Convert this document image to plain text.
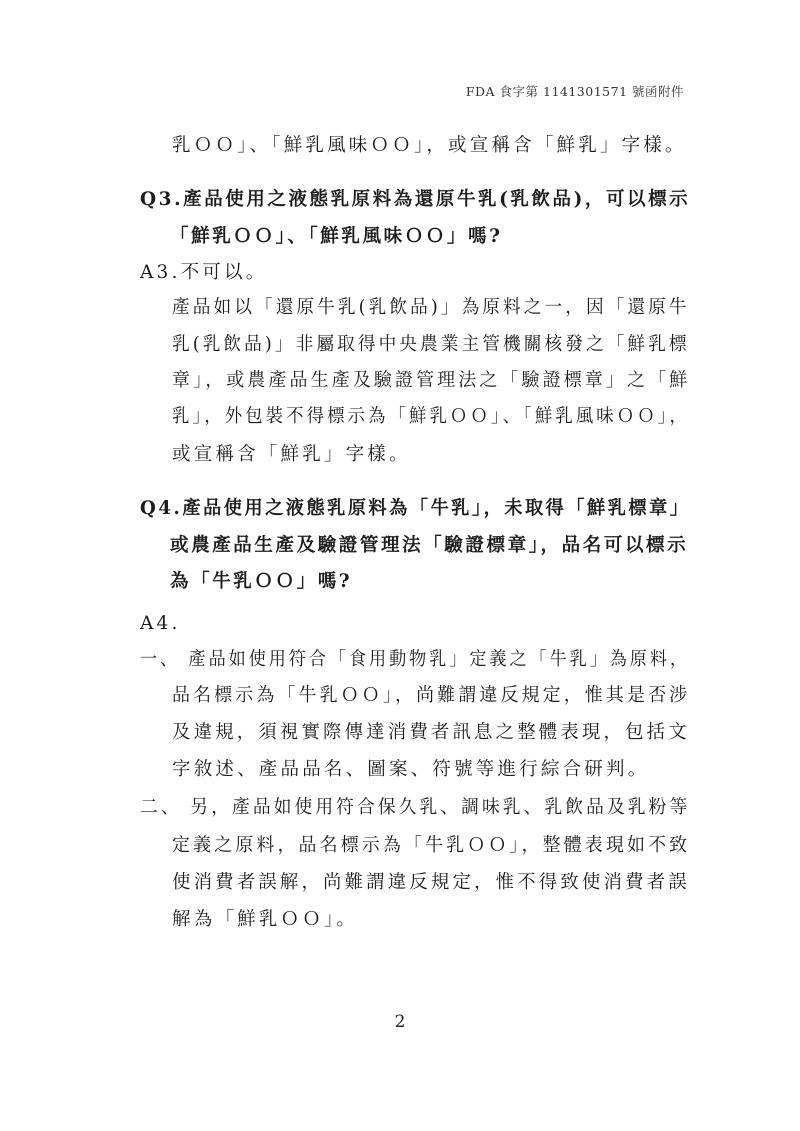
FDA 食字第 1141301571 號函附件
乳ＯＯ」、「鮮乳風味ＯＯ」，或宣稱含「鮮乳」字樣。
Q3.產品使用之液態乳原料為還原牛乳(乳飲品)，可以標示
「鮮乳ＯＯ」、「鮮乳風味ＯＯ」嗎?
A3.不可以。
產品如以「還原牛乳(乳飲品)」為原料之一，因「還原牛
乳(乳飲品)」非屬取得中央農業主管機關核發之「鮮乳標
章」，或農產品生產及驗證管理法之「驗證標章」之「鮮
乳」，外包裝不得標示為「鮮乳ＯＯ」、「鮮乳風味ＯＯ」，
或宣稱含「鮮乳」字樣。
Q4.產品使用之液態乳原料為「牛乳」，未取得「鮮乳標章」
或農產品生產及驗證管理法「驗證標章」，品名可以標示
為「牛乳ＯＯ」嗎?
A4.
一、 產品如使用符合「食用動物乳」定義之「牛乳」為原料，
品名標示為「牛乳ＯＯ」，尚難謂違反規定，惟其是否涉
及違規，須視實際傳達消費者訊息之整體表現，包括文
字敘述、產品品名、圖案、符號等進行綜合研判。
二、 另，產品如使用符合保久乳、調味乳、乳飲品及乳粉等
定義之原料，品名標示為「牛乳ＯＯ」，整體表現如不致
使消費者誤解，尚難謂違反規定，惟不得致使消費者誤
解為「鮮乳ＯＯ」。
2
